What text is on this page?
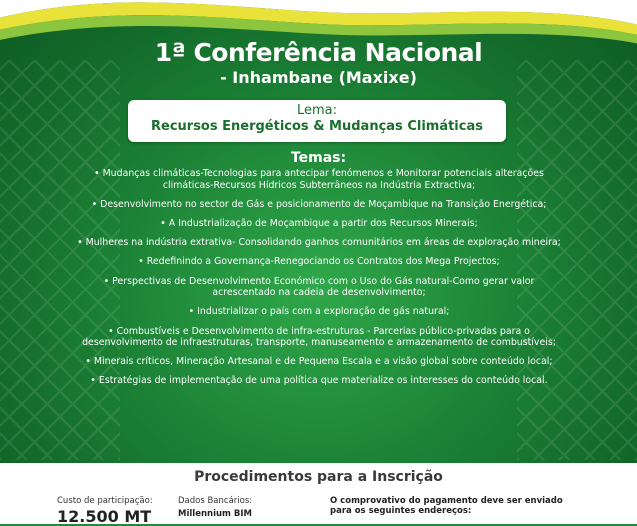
1ª Conferência Nacional
- Inhambane (Maxixe)
Lema:
Recursos Energéticos & Mudanças Climáticas
Temas:
• Mudanças climáticas-Tecnologias para antecipar fenómenos e Monitorar potenciais alterações climáticas-Recursos Hídricos Subterrâneos na Indústria Extractiva;
• Desenvolvimento no sector de Gás e posicionamento de Moçambique na Transição Energética;
• A Industrialização de Moçambique a partir dos Recursos Minerais;
• Mulheres na indústria extrativa- Consolidando ganhos comunitários em áreas de exploração mineira;
• Redefinindo a Governança-Renegociando os Contratos dos Mega Projectos;
• Perspectivas de Desenvolvimento Económico com o Uso do Gás natural-Como gerar valor acrescentado na cadeia de desenvolvimento;
• Industrializar o país com a exploração de gás natural;
• Combustíveis e Desenvolvimento de infra-estruturas - Parcerias público-privadas para o desenvolvimento de infraestruturas, transporte, manuseamento e armazenamento de combustíveis;
• Minerais críticos, Mineração Artesanal e de Pequena Escala e a visão global sobre conteúdo local;
• Estratégias de implementação de uma política que materialize os interesses do conteúdo local.
Procedimentos para a Inscrição
Custo de participação:
12.500 MT
Dados Bancários:
Millennium BIM
O comprovativo do pagamento deve ser enviado para os seguintes endereços:
